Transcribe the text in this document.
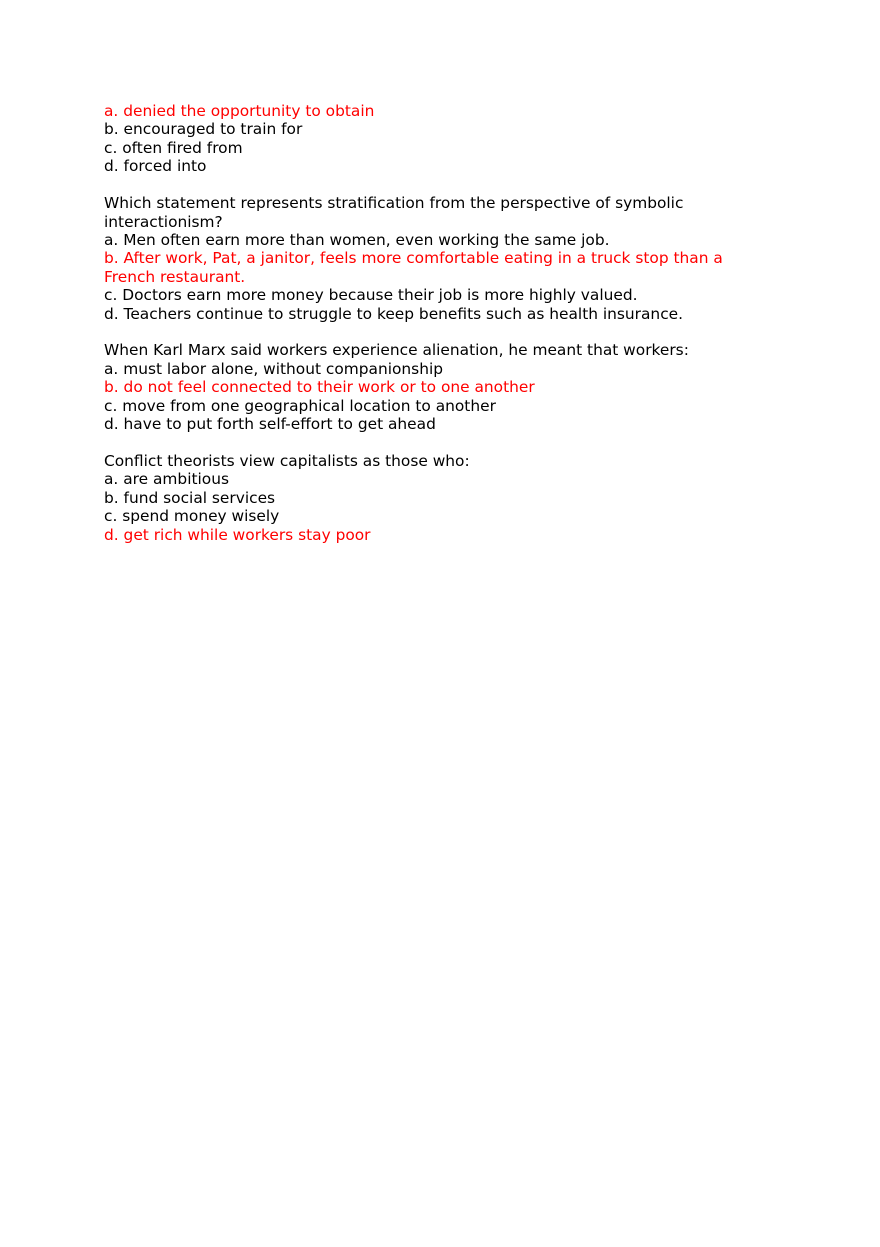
a. denied the opportunity to obtain
b. encouraged to train for
c. often fired from
d. forced into
Which statement represents stratification from the perspective of symbolic interactionism?
a. Men often earn more than women, even working the same job.
b. After work, Pat, a janitor, feels more comfortable eating in a truck stop than a French restaurant.
c. Doctors earn more money because their job is more highly valued.
d. Teachers continue to struggle to keep benefits such as health insurance.
When Karl Marx said workers experience alienation, he meant that workers:
a. must labor alone, without companionship
b. do not feel connected to their work or to one another
c. move from one geographical location to another
d. have to put forth self-effort to get ahead
Conflict theorists view capitalists as those who:
a. are ambitious
b. fund social services
c. spend money wisely
d. get rich while workers stay poor
